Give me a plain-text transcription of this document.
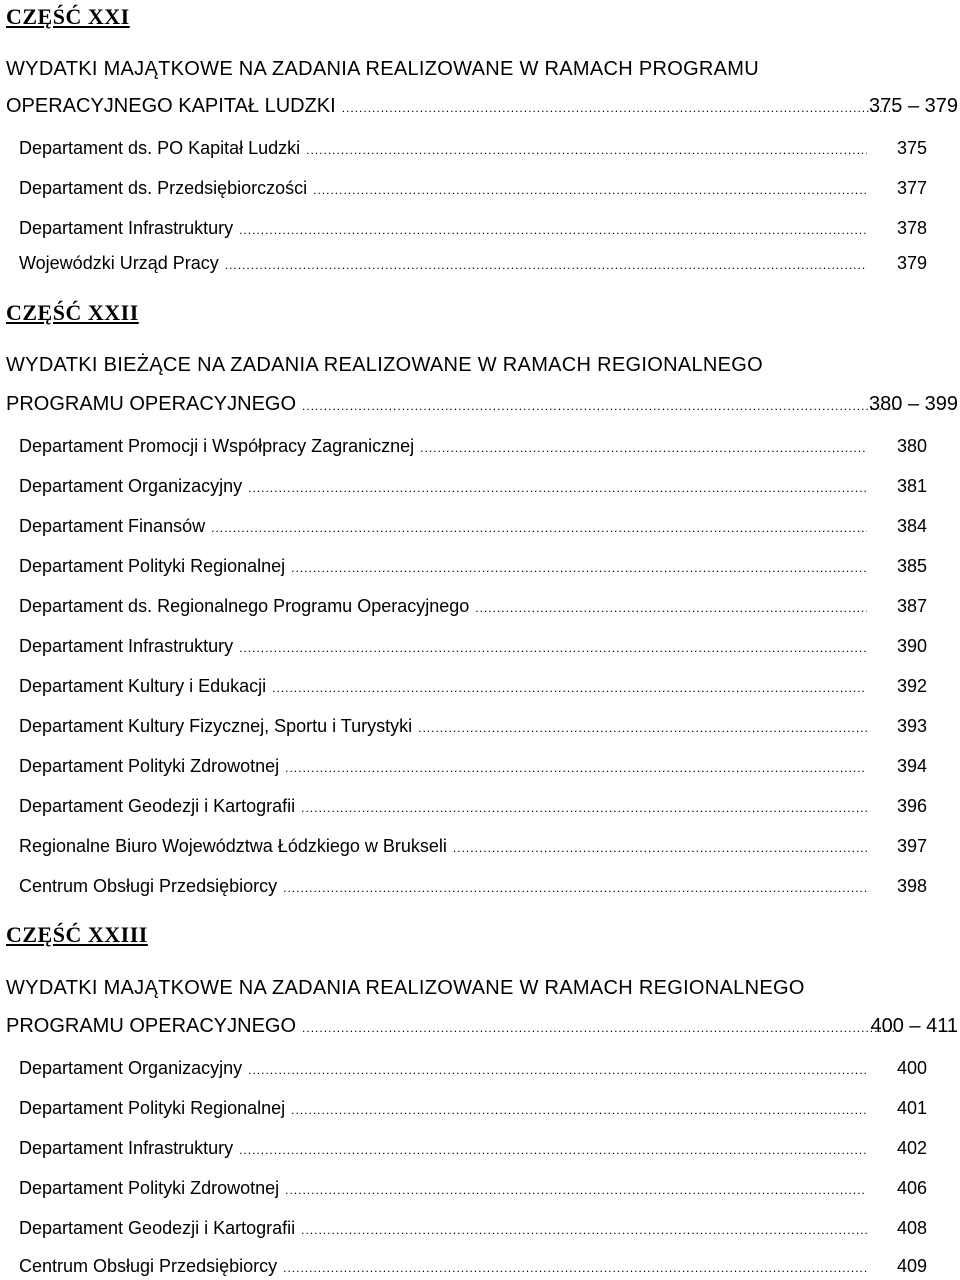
CZĘŚĆ XXI
WYDATKI MAJĄTKOWE NA ZADANIA REALIZOWANE W RAMACH PROGRAMU
OPERACYJNEGO KAPITAŁ LUDZKI .....	375 – 379
Departament ds. PO Kapitał Ludzki .....	375
Departament ds. Przedsiębiorczości .....	377
Departament Infrastruktury .....	378
Wojewódzki Urząd Pracy .....	379
CZĘŚĆ XXII
WYDATKI BIEŻĄCE NA ZADANIA REALIZOWANE W RAMACH REGIONALNEGO
PROGRAMU OPERACYJNEGO .....	380 – 399
Departament Promocji i Współpracy Zagranicznej .....	380
Departament Organizacyjny .....	381
Departament Finansów .....	384
Departament Polityki Regionalnej .....	385
Departament ds. Regionalnego Programu Operacyjnego .....	387
Departament Infrastruktury .....	390
Departament Kultury i Edukacji .....	392
Departament Kultury Fizycznej, Sportu i Turystyki .....	393
Departament Polityki Zdrowotnej .....	394
Departament Geodezji i Kartografii .....	396
Regionalne Biuro Województwa Łódzkiego w Brukseli .....	397
Centrum Obsługi Przedsiębiorcy .....	398
CZĘŚĆ XXIII
WYDATKI MAJĄTKOWE NA ZADANIA REALIZOWANE W RAMACH REGIONALNEGO
PROGRAMU OPERACYJNEGO .....	400 – 411
Departament Organizacyjny .....	400
Departament Polityki Regionalnej .....	401
Departament Infrastruktury .....	402
Departament Polityki Zdrowotnej .....	406
Departament Geodezji i Kartografii .....	408
Centrum Obsługi Przedsiębiorcy .....	409
